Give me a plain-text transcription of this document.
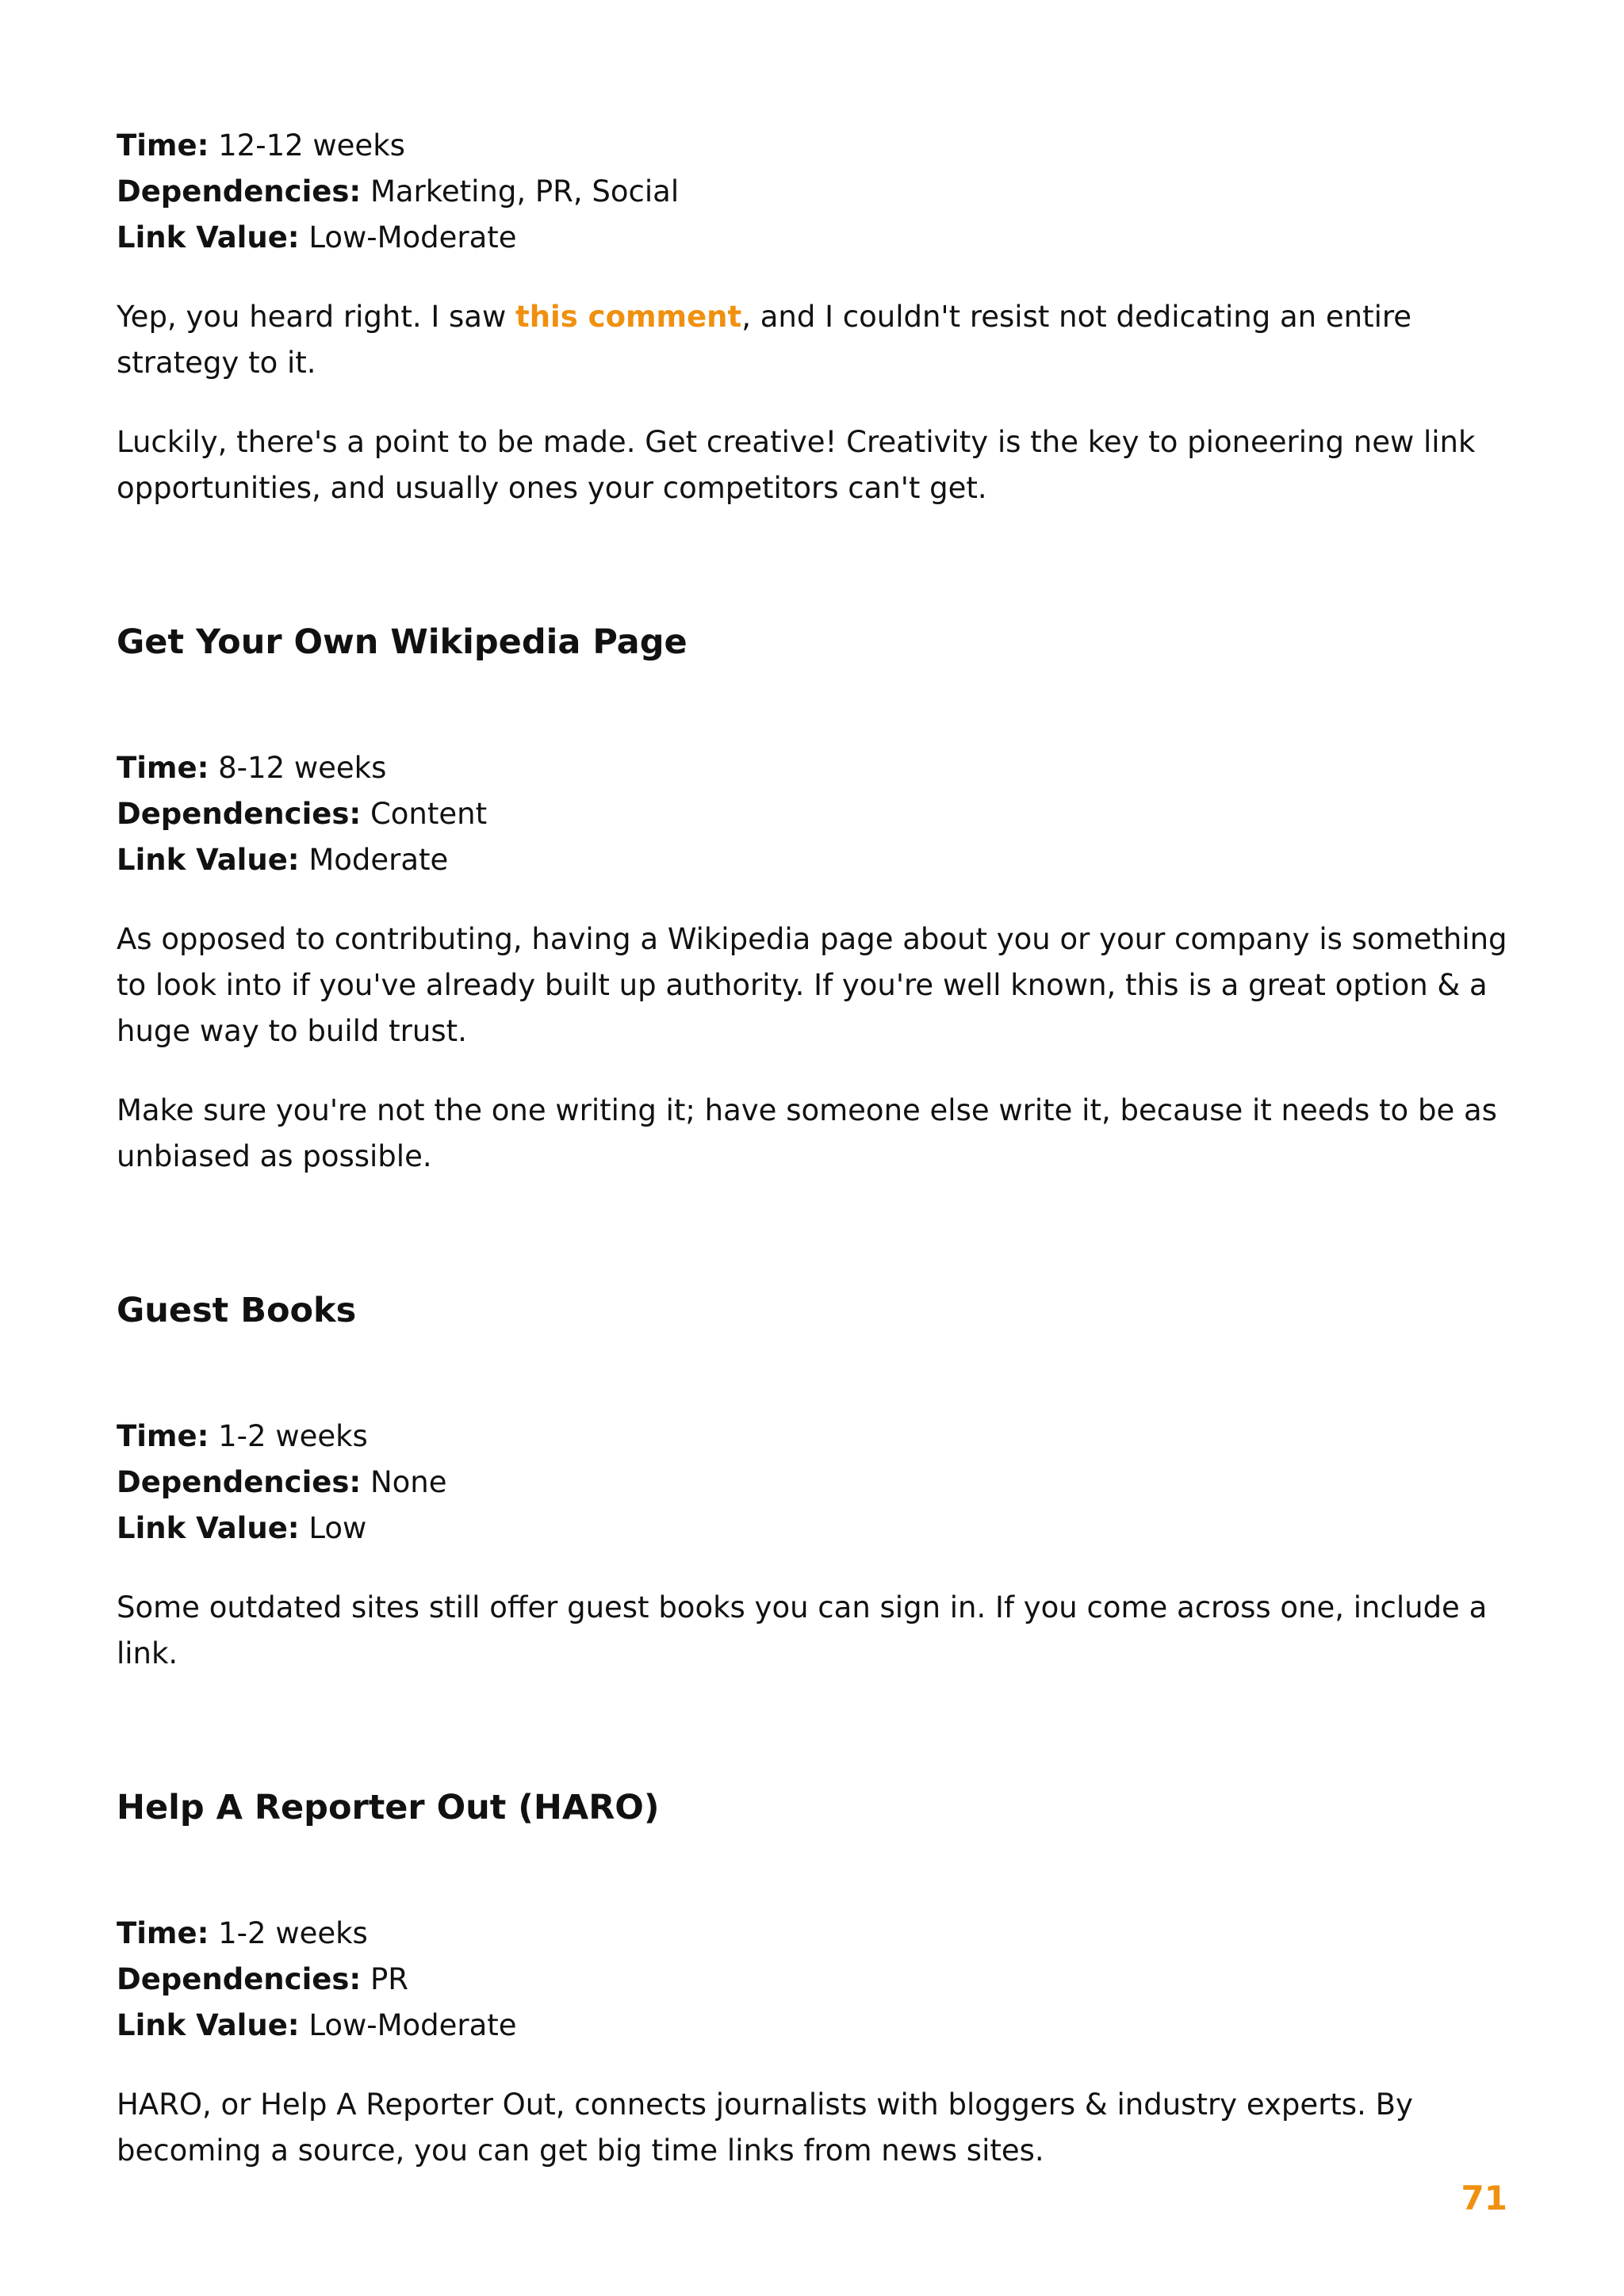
Time: 12-12 weeks
Dependencies: Marketing, PR, Social
Link Value: Low-Moderate

Yep, you heard right. I saw this comment, and I couldn't resist not dedicating an entire strategy to it.

Luckily, there's a point to be made. Get creative! Creativity is the key to pioneering new link opportunities, and usually ones your competitors can't get.

Get Your Own Wikipedia Page
Time: 8-12 weeks
Dependencies: Content
Link Value: Moderate

As opposed to contributing, having a Wikipedia page about you or your company is something to look into if you've already built up authority. If you're well known, this is a great option & a huge way to build trust.

Make sure you're not the one writing it; have someone else write it, because it needs to be as unbiased as possible.

Guest Books
Time: 1-2 weeks
Dependencies: None
Link Value: Low

Some outdated sites still offer guest books you can sign in. If you come across one, include a link.

Help A Reporter Out (HARO)
Time: 1-2 weeks
Dependencies: PR
Link Value: Low-Moderate

HARO, or Help A Reporter Out, connects journalists with bloggers & industry experts. By becoming a source, you can get big time links from news sites.

71
